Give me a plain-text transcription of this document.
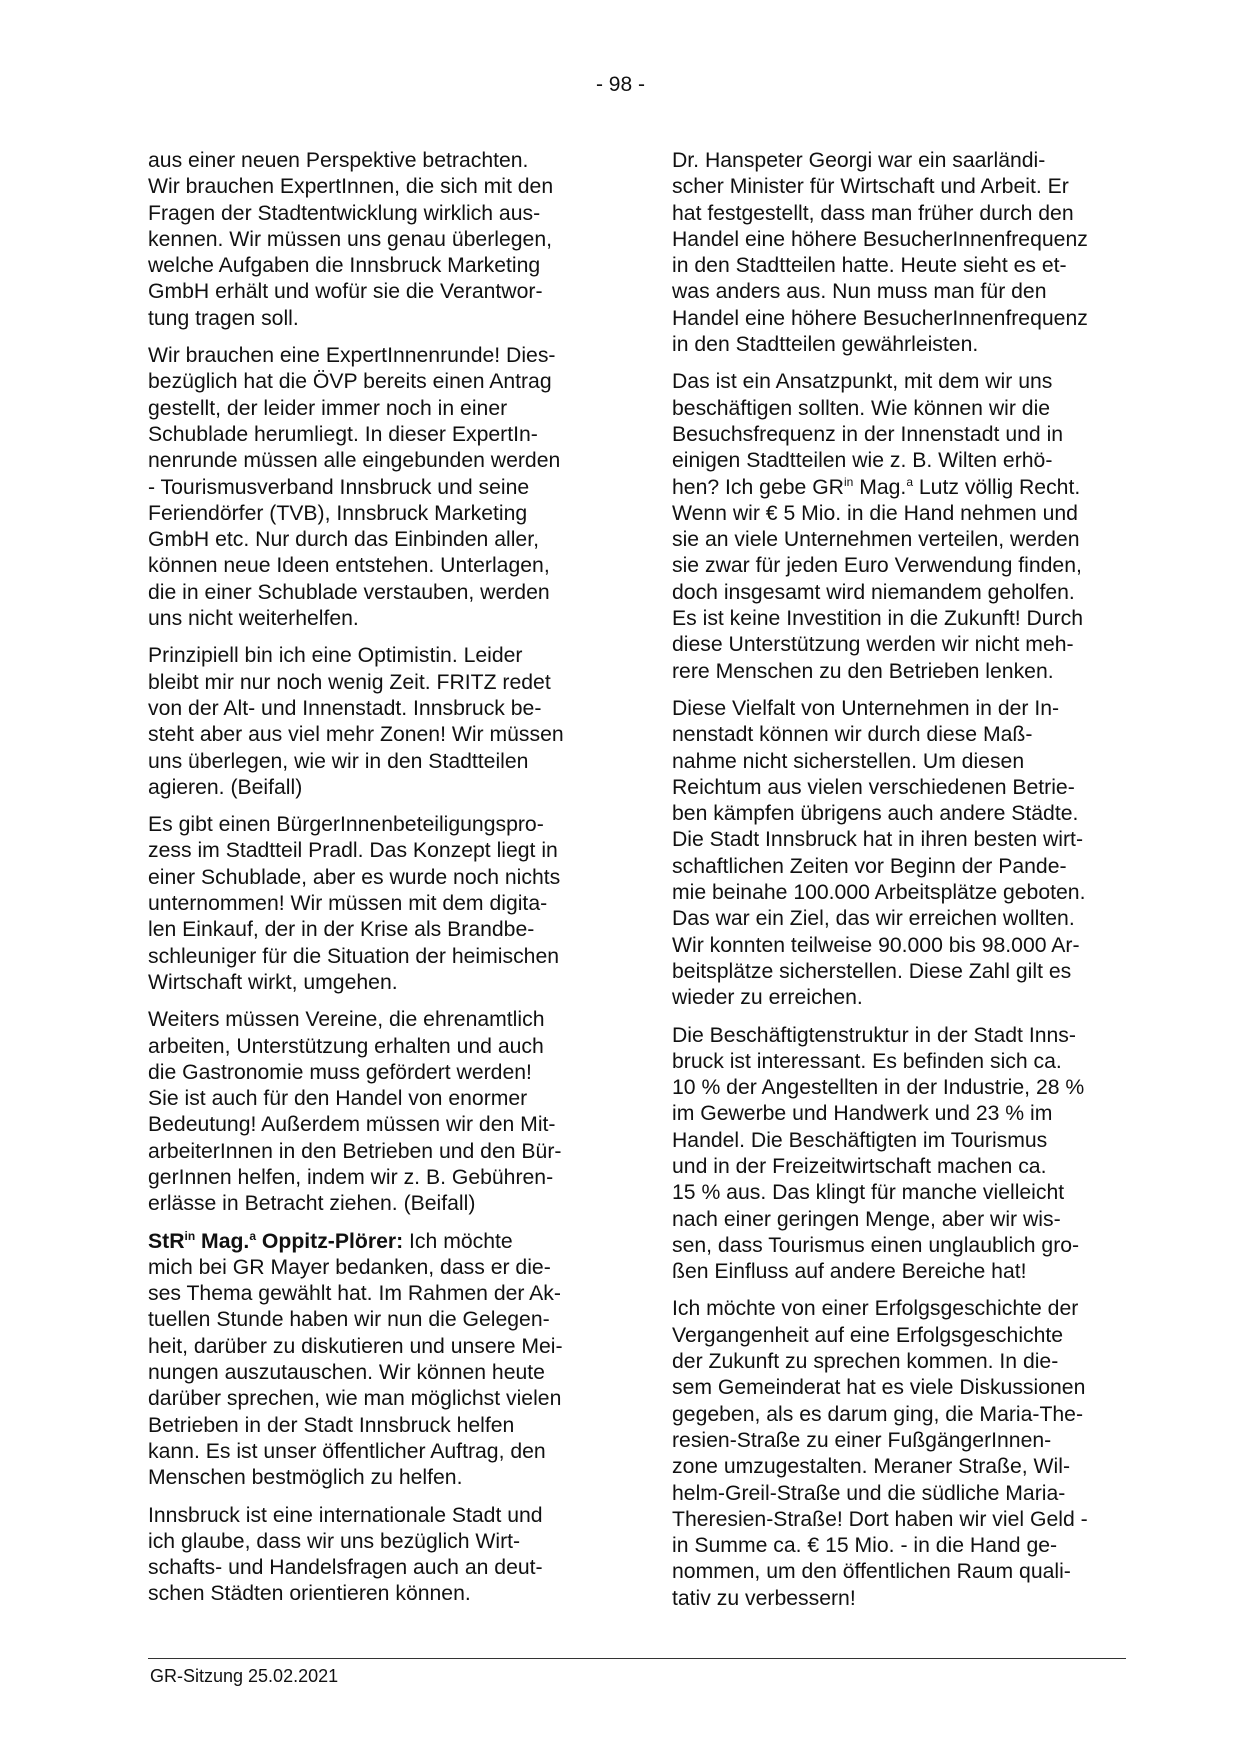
- 98 -

aus einer neuen Perspektive betrachten.
Wir brauchen ExpertInnen, die sich mit den
Fragen der Stadtentwicklung wirklich aus-
kennen. Wir müssen uns genau überlegen,
welche Aufgaben die Innsbruck Marketing
GmbH erhält und wofür sie die Verantwor-
tung tragen soll.

Wir brauchen eine ExpertInnenrunde! Dies-
bezüglich hat die ÖVP bereits einen Antrag
gestellt, der leider immer noch in einer
Schublade herumliegt. In dieser ExpertIn-
nenrunde müssen alle eingebunden werden
- Tourismusverband Innsbruck und seine
Feriendörfer (TVB), Innsbruck Marketing
GmbH etc. Nur durch das Einbinden aller,
können neue Ideen entstehen. Unterlagen,
die in einer Schublade verstauben, werden
uns nicht weiterhelfen.

Prinzipiell bin ich eine Optimistin. Leider
bleibt mir nur noch wenig Zeit. FRITZ redet
von der Alt- und Innenstadt. Innsbruck be-
steht aber aus viel mehr Zonen! Wir müssen
uns überlegen, wie wir in den Stadtteilen
agieren. (Beifall)

Es gibt einen BürgerInnenbeteiligungspro-
zess im Stadtteil Pradl. Das Konzept liegt in
einer Schublade, aber es wurde noch nichts
unternommen! Wir müssen mit dem digita-
len Einkauf, der in der Krise als Brandbe-
schleuniger für die Situation der heimischen
Wirtschaft wirkt, umgehen.

Weiters müssen Vereine, die ehrenamtlich
arbeiten, Unterstützung erhalten und auch
die Gastronomie muss gefördert werden!
Sie ist auch für den Handel von enormer
Bedeutung! Außerdem müssen wir den Mit-
arbeiterInnen in den Betrieben und den Bür-
gerInnen helfen, indem wir z. B. Gebühren-
erlässe in Betracht ziehen. (Beifall)

StR$^{in}$ Mag.$^a$ Oppitz-Plörer: Ich möchte
mich bei GR Mayer bedanken, dass er die-
ses Thema gewählt hat. Im Rahmen der Ak-
tuellen Stunde haben wir nun die Gelegen-
heit, darüber zu diskutieren und unsere Mei-
nungen auszutauschen. Wir können heute
darüber sprechen, wie man möglichst vielen
Betrieben in der Stadt Innsbruck helfen
kann. Es ist unser öffentlicher Auftrag, den
Menschen bestmöglich zu helfen.

Innsbruck ist eine internationale Stadt und
ich glaube, dass wir uns bezüglich Wirt-
schafts- und Handelsfragen auch an deut-
schen Städten orientieren können.

Dr. Hanspeter Georgi war ein saarländi-
scher Minister für Wirtschaft und Arbeit. Er
hat festgestellt, dass man früher durch den
Handel eine höhere BesucherInnenfrequenz
in den Stadtteilen hatte. Heute sieht es et-
was anders aus. Nun muss man für den
Handel eine höhere BesucherInnenfrequenz
in den Stadtteilen gewährleisten.

Das ist ein Ansatzpunkt, mit dem wir uns
beschäftigen sollten. Wie können wir die
Besuchsfrequenz in der Innenstadt und in
einigen Stadtteilen wie z. B. Wilten erhö-
hen? Ich gebe $GR^{in}$ Mag.$^a$ Lutz völlig Recht.
Wenn wir € 5 Mio. in die Hand nehmen und
sie an viele Unternehmen verteilen, werden
sie zwar für jeden Euro Verwendung finden,
doch insgesamt wird niemandem geholfen.
Es ist keine Investition in die Zukunft! Durch
diese Unterstützung werden wir nicht meh-
rere Menschen zu den Betrieben lenken.

Diese Vielfalt von Unternehmen in der In-
nenstadt können wir durch diese Maß-
nahme nicht sicherstellen. Um diesen
Reichtum aus vielen verschiedenen Betrie-
ben kämpfen übrigens auch andere Städte.
Die Stadt Innsbruck hat in ihren besten wirt-
schaftlichen Zeiten vor Beginn der Pande-
mie beinahe 100.000 Arbeitsplätze geboten.
Das war ein Ziel, das wir erreichen wollten.
Wir konnten teilweise 90.000 bis 98.000 Ar-
beitsplätze sicherstellen. Diese Zahl gilt es
wieder zu erreichen.

Die Beschäftigtenstruktur in der Stadt Inns-
bruck ist interessant. Es befinden sich ca.
10 % der Angestellten in der Industrie, 28 %
im Gewerbe und Handwerk und 23 % im
Handel. Die Beschäftigten im Tourismus
und in der Freizeitwirtschaft machen ca.
15 % aus. Das klingt für manche vielleicht
nach einer geringen Menge, aber wir wis-
sen, dass Tourismus einen unglaublich gro-
ßen Einfluss auf andere Bereiche hat!

Ich möchte von einer Erfolgsgeschichte der
Vergangenheit auf eine Erfolgsgeschichte
der Zukunft zu sprechen kommen. In die-
sem Gemeinderat hat es viele Diskussionen
gegeben, als es darum ging, die Maria-The-
resien-Straße zu einer FußgängerInnen-
zone umzugestalten. Meraner Straße, Wil-
helm-Greil-Straße und die südliche Maria-
Theresien-Straße! Dort haben wir viel Geld -
in Summe ca. € 15 Mio. - in die Hand ge-
nommen, um den öffentlichen Raum quali-
tativ zu verbessern!

GR-Sitzung 25.02.2021
